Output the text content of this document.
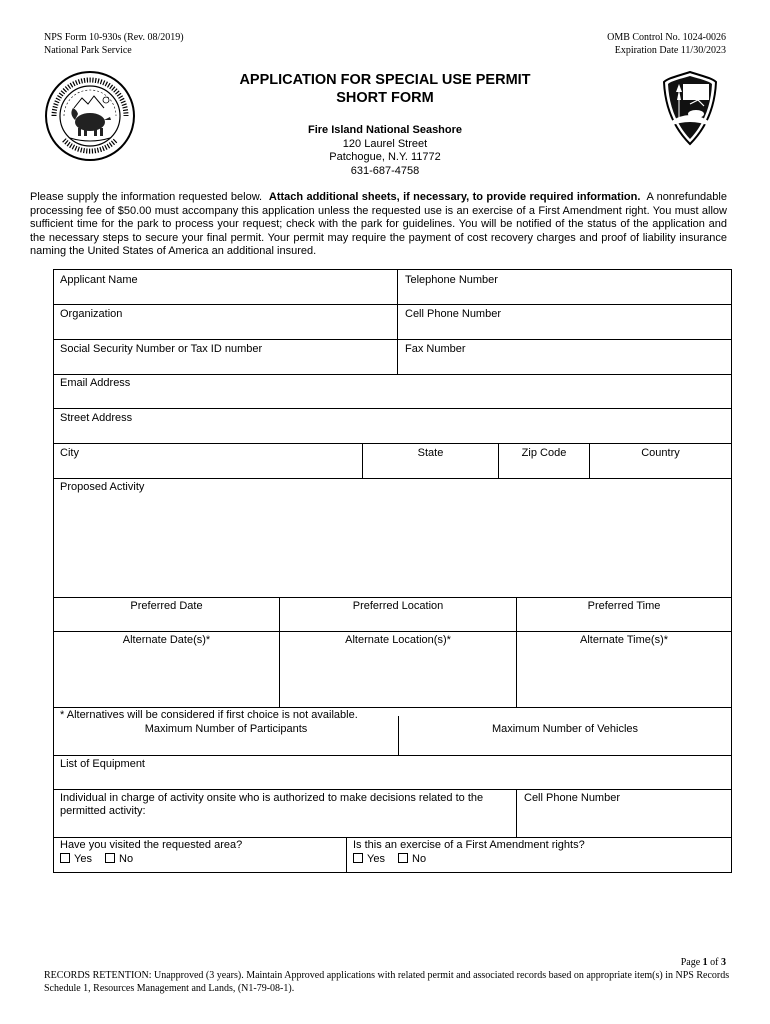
NPS Form 10-930s (Rev. 08/2019)
National Park Service
OMB Control No. 1024-0026
Expiration Date 11/30/2023
APPLICATION FOR SPECIAL USE PERMIT
SHORT FORM
Fire Island National Seashore
120 Laurel Street
Patchogue, N.Y. 11772
631-687-4758
Please supply the information requested below. Attach additional sheets, if necessary, to provide required information. A nonrefundable processing fee of $50.00 must accompany this application unless the requested use is an exercise of a First Amendment right. You must allow sufficient time for the park to process your request; check with the park for guidelines. You will be notified of the status of the application and the necessary steps to secure your final permit. Your permit may require the payment of cost recovery charges and proof of liability insurance naming the United States of America an additional insured.
Applicant Name	Telephone Number
Organization	Cell Phone Number
Social Security Number or Tax ID number	Fax Number
Email Address
Street Address
City	State	Zip Code	Country
Proposed Activity
Preferred Date	Preferred Location	Preferred Time
Alternate Date(s)*	Alternate Location(s)*	Alternate Time(s)*
* Alternatives will be considered if first choice is not available.
Maximum Number of Participants	Maximum Number of Vehicles
List of Equipment
Individual in charge of activity onsite who is authorized to make decisions related to the permitted activity:
Cell Phone Number
Have you visited the requested area?
Yes No
Is this an exercise of a First Amendment rights?
Yes No
Page 1 of 3
RECORDS RETENTION: Unapproved (3 years). Maintain Approved applications with related permit and associated records based on appropriate item(s) in NPS Records Schedule 1, Resources Management and Lands, (N1-79-08-1).
